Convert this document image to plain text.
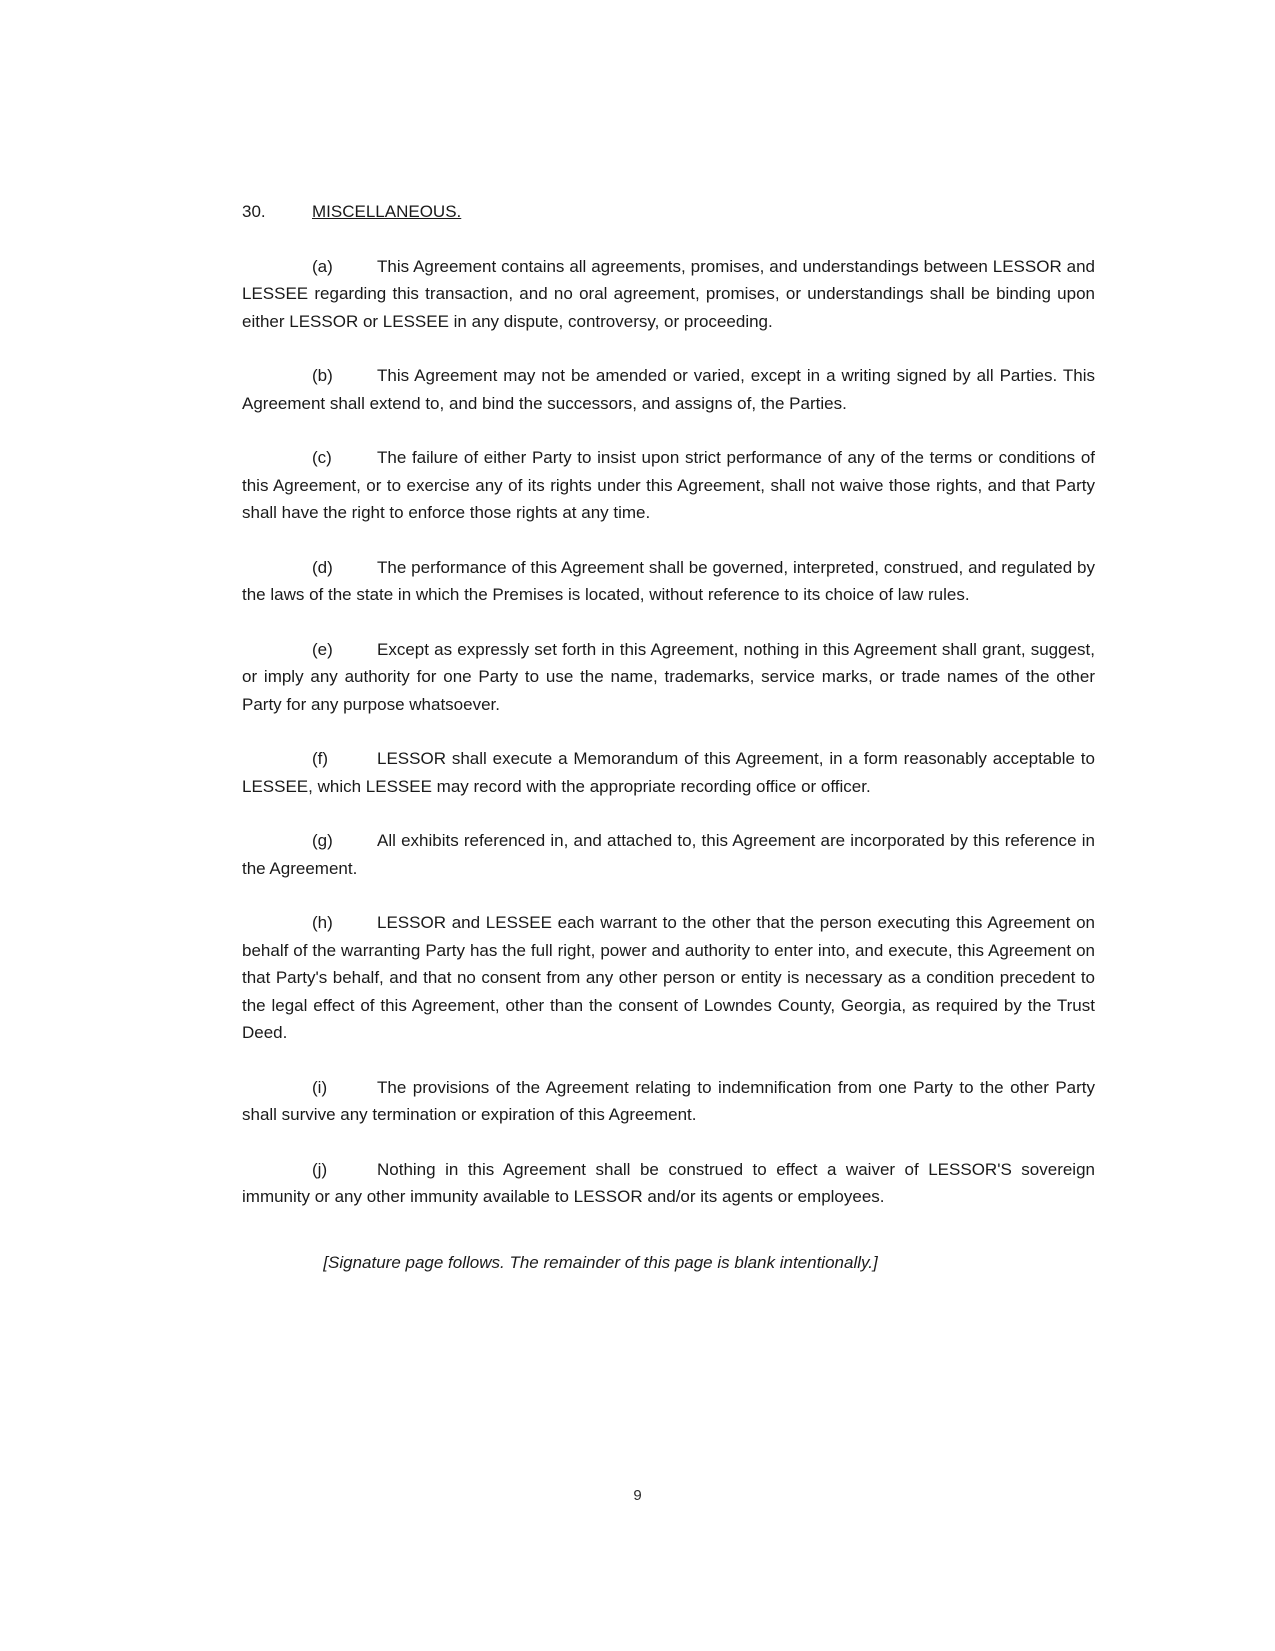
30.	MISCELLANEOUS.

(a)	This Agreement contains all agreements, promises, and understandings between LESSOR and LESSEE regarding this transaction, and no oral agreement, promises, or understandings shall be binding upon either LESSOR or LESSEE in any dispute, controversy, or proceeding.

(b)	This Agreement may not be amended or varied, except in a writing signed by all Parties. This Agreement shall extend to, and bind the successors, and assigns of, the Parties.

(c)	The failure of either Party to insist upon strict performance of any of the terms or conditions of this Agreement, or to exercise any of its rights under this Agreement, shall not waive those rights, and that Party shall have the right to enforce those rights at any time.

(d)	The performance of this Agreement shall be governed, interpreted, construed, and regulated by the laws of the state in which the Premises is located, without reference to its choice of law rules.

(e)	Except as expressly set forth in this Agreement, nothing in this Agreement shall grant, suggest, or imply any authority for one Party to use the name, trademarks, service marks, or trade names of the other Party for any purpose whatsoever.

(f)	LESSOR shall execute a Memorandum of this Agreement, in a form reasonably acceptable to LESSEE, which LESSEE may record with the appropriate recording office or officer.

(g)	All exhibits referenced in, and attached to, this Agreement are incorporated by this reference in the Agreement.

(h)	LESSOR and LESSEE each warrant to the other that the person executing this Agreement on behalf of the warranting Party has the full right, power and authority to enter into, and execute, this Agreement on that Party's behalf, and that no consent from any other person or entity is necessary as a condition precedent to the legal effect of this Agreement, other than the consent of Lowndes County, Georgia, as required by the Trust Deed.

(i)	The provisions of the Agreement relating to indemnification from one Party to the other Party shall survive any termination or expiration of this Agreement.

(j)	Nothing in this Agreement shall be construed to effect a waiver of LESSOR'S sovereign immunity or any other immunity available to LESSOR and/or its agents or employees.

[Signature page follows. The remainder of this page is blank intentionally.]
9
